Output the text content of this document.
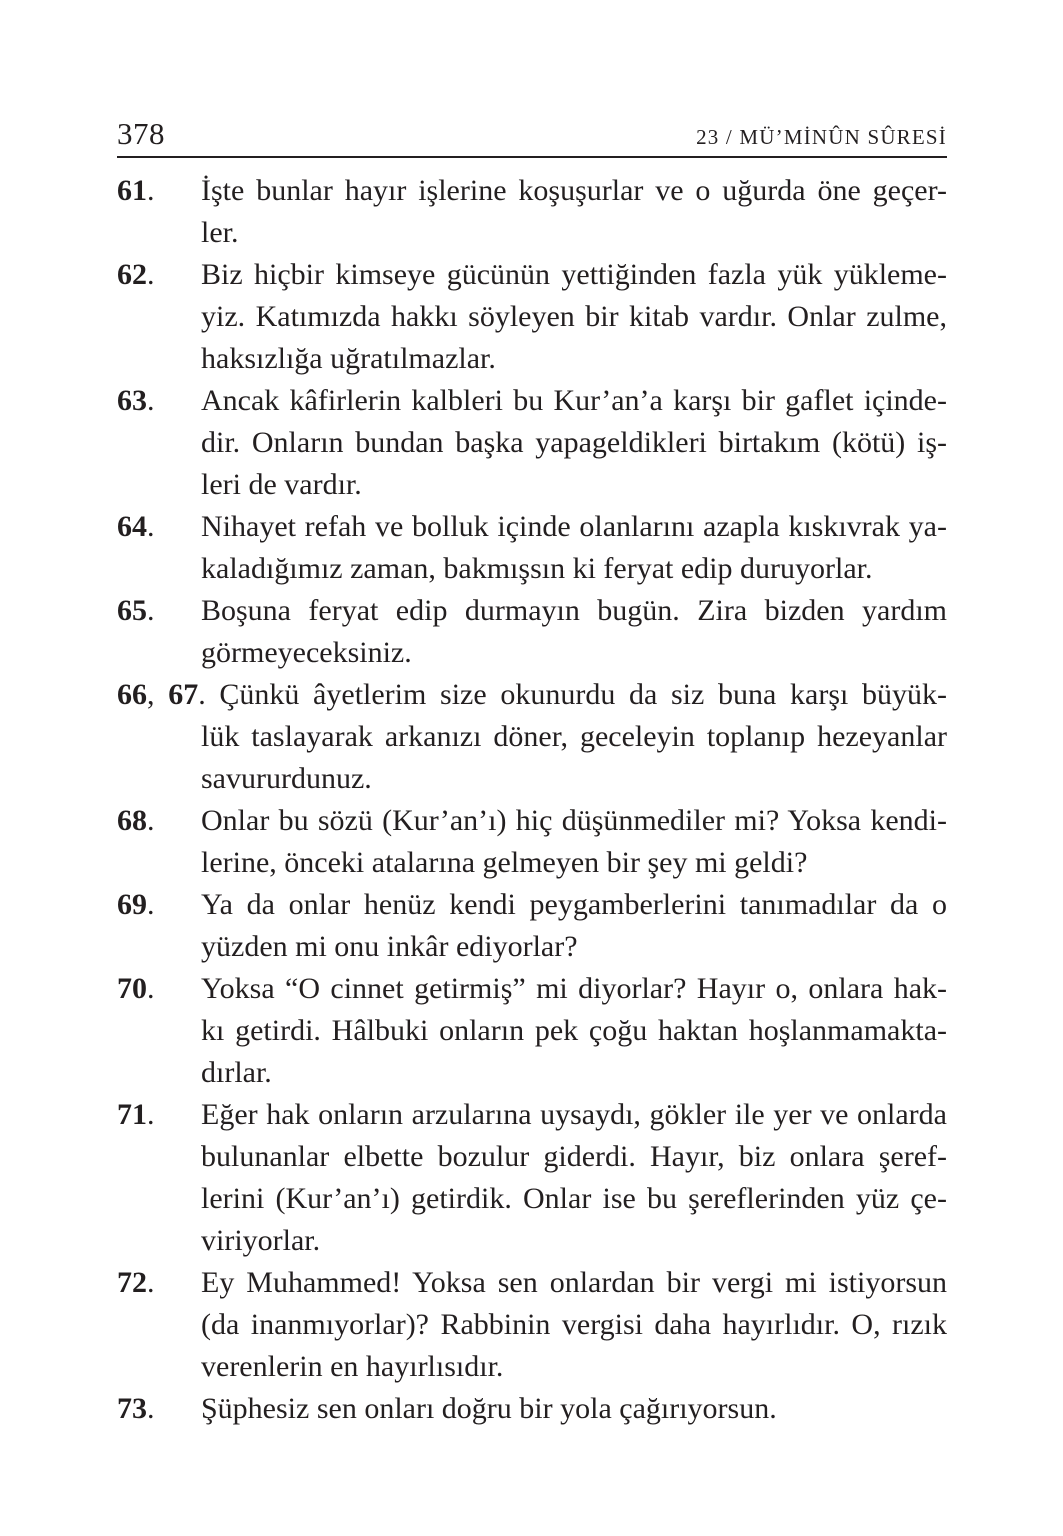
378	23 / MÜ’MİNÛN SÛRESİ
61. İşte bunlar hayır işlerine koşuşurlar ve o uğurda öne geçer-
ler.
62. Biz hiçbir kimseye gücünün yettiğinden fazla yük yükleme-
yiz. Katımızda hakkı söyleyen bir kitab vardır. Onlar zulme,
haksızlığa uğratılmazlar.
63. Ancak kâfirlerin kalbleri bu Kur’an’a karşı bir gaflet içinde-
dir. Onların bundan başka yapageldikleri birtakım (kötü) iş-
leri de vardır.
64. Nihayet refah ve bolluk içinde olanlarını azapla kıskıvrak ya-
kaladığımız zaman, bakmışsın ki feryat edip duruyorlar.
65. Boşuna feryat edip durmayın bugün. Zira bizden yardım
görmeyeceksiniz.
66, 67. Çünkü âyetlerim size okunurdu da siz buna karşı büyük-
lük taslayarak arkanızı döner, geceleyin toplanıp hezeyanlar
savururdunuz.
68. Onlar bu sözü (Kur’an’ı) hiç düşünmediler mi? Yoksa kendi-
lerine, önceki atalarına gelmeyen bir şey mi geldi?
69. Ya da onlar henüz kendi peygamberlerini tanımadılar da o
yüzden mi onu inkâr ediyorlar?
70. Yoksa “O cinnet getirmiş” mi diyorlar? Hayır o, onlara hak-
kı getirdi. Hâlbuki onların pek çoğu haktan hoşlanmamakta-
dırlar.
71. Eğer hak onların arzularına uysaydı, gökler ile yer ve onlarda
bulunanlar elbette bozulur giderdi. Hayır, biz onlara şeref-
lerini (Kur’an’ı) getirdik. Onlar ise bu şereflerinden yüz çe-
viriyorlar.
72. Ey Muhammed! Yoksa sen onlardan bir vergi mi istiyorsun
(da inanmıyorlar)? Rabbinin vergisi daha hayırlıdır. O, rızık
verenlerin en hayırlısıdır.
73. Şüphesiz sen onları doğru bir yola çağırıyorsun.
